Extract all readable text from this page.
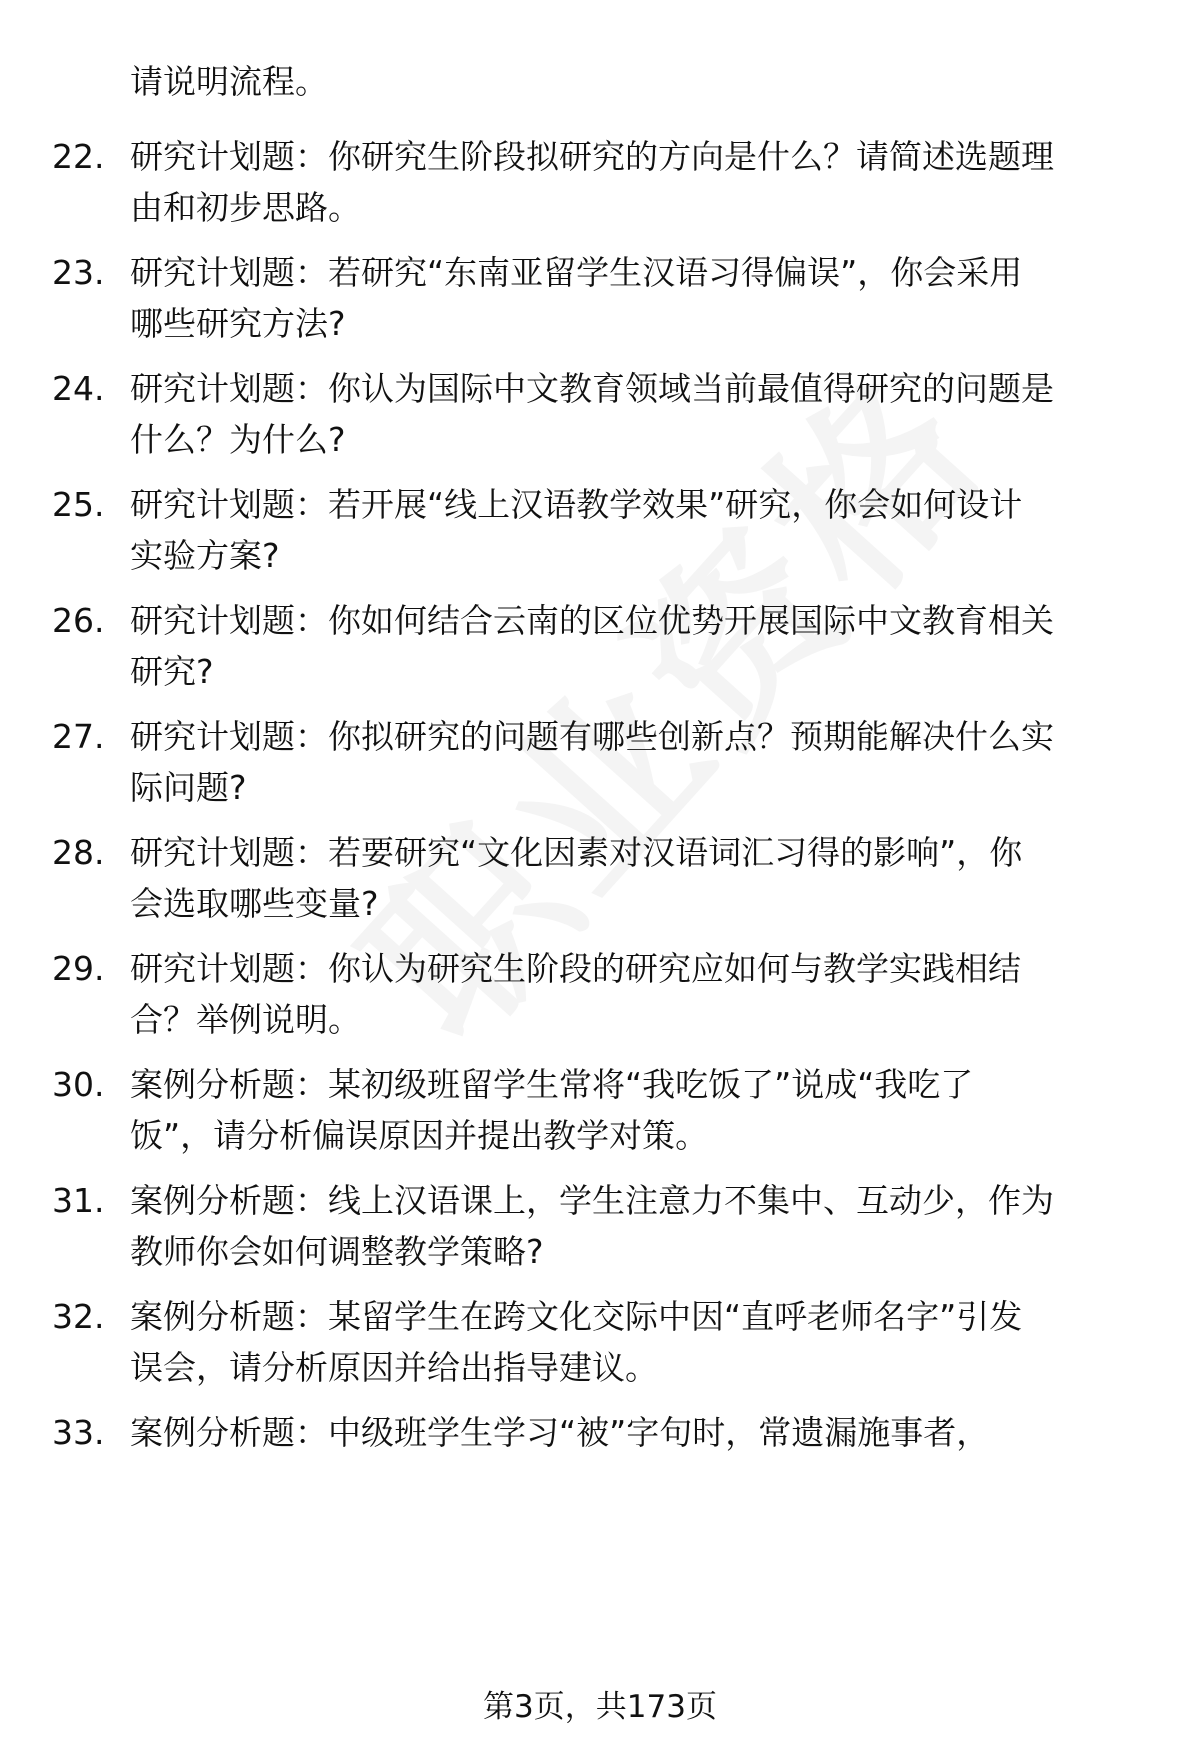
请说明流程。
22. 研究计划题：你研究生阶段拟研究的方向是什么？请简述选题理
由和初步思路。
23. 研究计划题：若研究“东南亚留学生汉语习得偏误”，你会采用
哪些研究方法?
24. 研究计划题：你认为国际中文教育领域当前最值得研究的问题是
什么？为什么?
25. 研究计划题：若开展“线上汉语教学效果”研究，你会如何设计
实验方案?
26. 研究计划题：你如何结合云南的区位优势开展国际中文教育相关
研究?
27. 研究计划题：你拟研究的问题有哪些创新点？预期能解决什么实
际问题?
28. 研究计划题：若要研究“文化因素对汉语词汇习得的影响”，你
会选取哪些变量?
29. 研究计划题：你认为研究生阶段的研究应如何与教学实践相结
合？举例说明。
30. 案例分析题：某初级班留学生常将“我吃饭了”说成“我吃了
饭”，请分析偏误原因并提出教学对策。
31. 案例分析题：线上汉语课上，学生注意力不集中、互动少，作为
教师你会如何调整教学策略?
32. 案例分析题：某留学生在跨文化交际中因“直呼老师名字”引发
误会，请分析原因并给出指导建议。
33. 案例分析题：中级班学生学习“被”字句时，常遗漏施事者，
第3页，共173页
